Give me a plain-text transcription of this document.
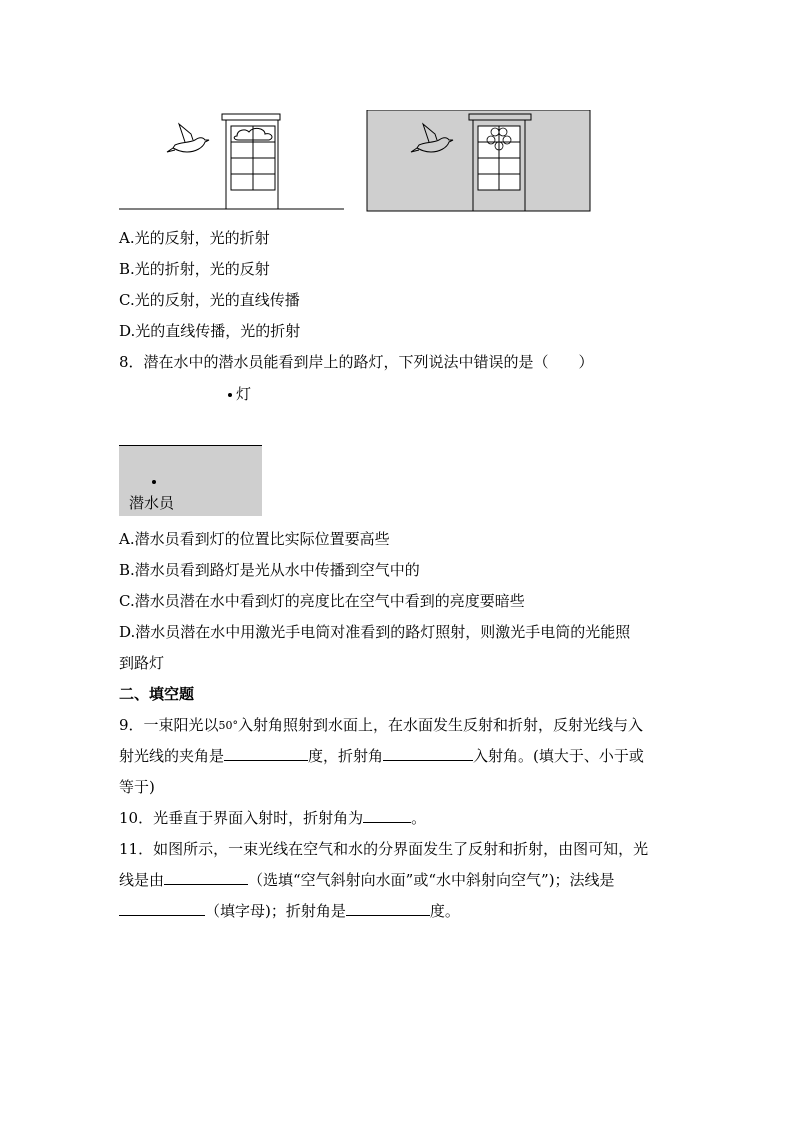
A.光的反射，光的折射
B.光的折射，光的反射
C.光的反射，光的直线传播
D.光的直线传播，光的折射
8．潜在水中的潜水员能看到岸上的路灯，下列说法中错误的是（　　）
灯
潜水员
A.潜水员看到灯的位置比实际位置要高些
B.潜水员看到路灯是光从水中传播到空气中的
C.潜水员潜在水中看到灯的亮度比在空气中看到的亮度要暗些
D.潜水员潜在水中用激光手电筒对准看到的路灯照射，则激光手电筒的光能照
到路灯
二、填空题
9．一束阳光以50°入射角照射到水面上，在水面发生反射和折射，反射光线与入
射光线的夹角是	度，折射角	入射角。(填大于、小于或
等于)
10．光垂直于界面入射时，折射角为	。
11．如图所示，一束光线在空气和水的分界面发生了反射和折射，由图可知，光
线是由	（选填“空气斜射向水面”或“水中斜射向空气”)；法线是
（填字母)；折射角是	度。
